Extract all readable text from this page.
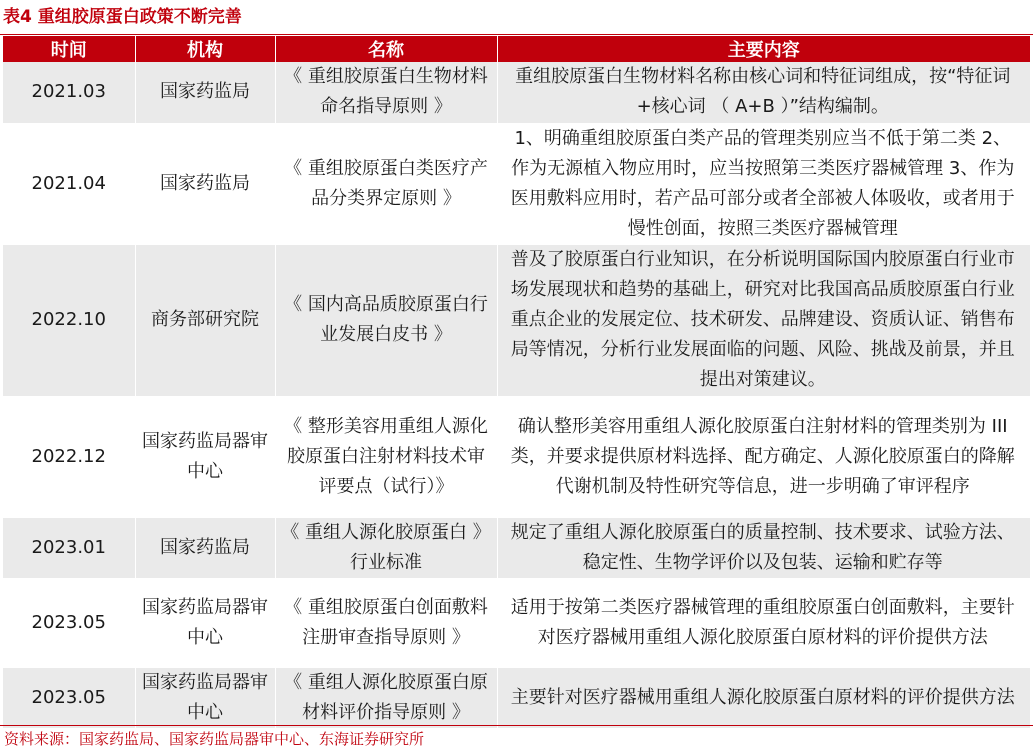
表4 重组胶原蛋白政策不断完善
时间	机构	名称	主要内容
2021.03	国家药监局	《 重组胶原蛋白生物材料命名指导原则 》	重组胶原蛋白生物材料名称由核心词和特征词组成，按“特征词+核心词 （ A+B ）”结构编制。
2021.04	国家药监局	《 重组胶原蛋白类医疗产品分类界定原则 》	1、明确重组胶原蛋白类产品的管理类别应当不低于第二类 2、作为无源植入物应用时，应当按照第三类医疗器械管理 3、作为医用敷料应用时，若产品可部分或者全部被人体吸收，或者用于慢性创面，按照三类医疗器械管理
2022.10	商务部研究院	《 国内高品质胶原蛋白行业发展白皮书 》	普及了胶原蛋白行业知识，在分析说明国际国内胶原蛋白行业市场发展现状和趋势的基础上，研究对比我国高品质胶原蛋白行业重点企业的发展定位、技术研发、品牌建设、资质认证、销售布局等情况，分析行业发展面临的问题、风险、挑战及前景，并且提出对策建议。
2022.12	国家药监局器审中心	《 整形美容用重组人源化胶原蛋白注射材料技术审评要点（试行）》	确认整形美容用重组人源化胶原蛋白注射材料的管理类别为 III 类，并要求提供原材料选择、配方确定、人源化胶原蛋白的降解代谢机制及特性研究等信息，进一步明确了审评程序
2023.01	国家药监局	《 重组人源化胶原蛋白 》 行业标准	规定了重组人源化胶原蛋白的质量控制、技术要求、试验方法、稳定性、生物学评价以及包装、运输和贮存等
2023.05	国家药监局器审中心	《 重组胶原蛋白创面敷料注册审查指导原则 》	适用于按第二类医疗器械管理的重组胶原蛋白创面敷料，主要针对医疗器械用重组人源化胶原蛋白原材料的评价提供方法
2023.05	国家药监局器审中心	《 重组人源化胶原蛋白原材料评价指导原则 》	主要针对医疗器械用重组人源化胶原蛋白原材料的评价提供方法
资料来源：国家药监局、国家药监局器审中心、东海证券研究所
